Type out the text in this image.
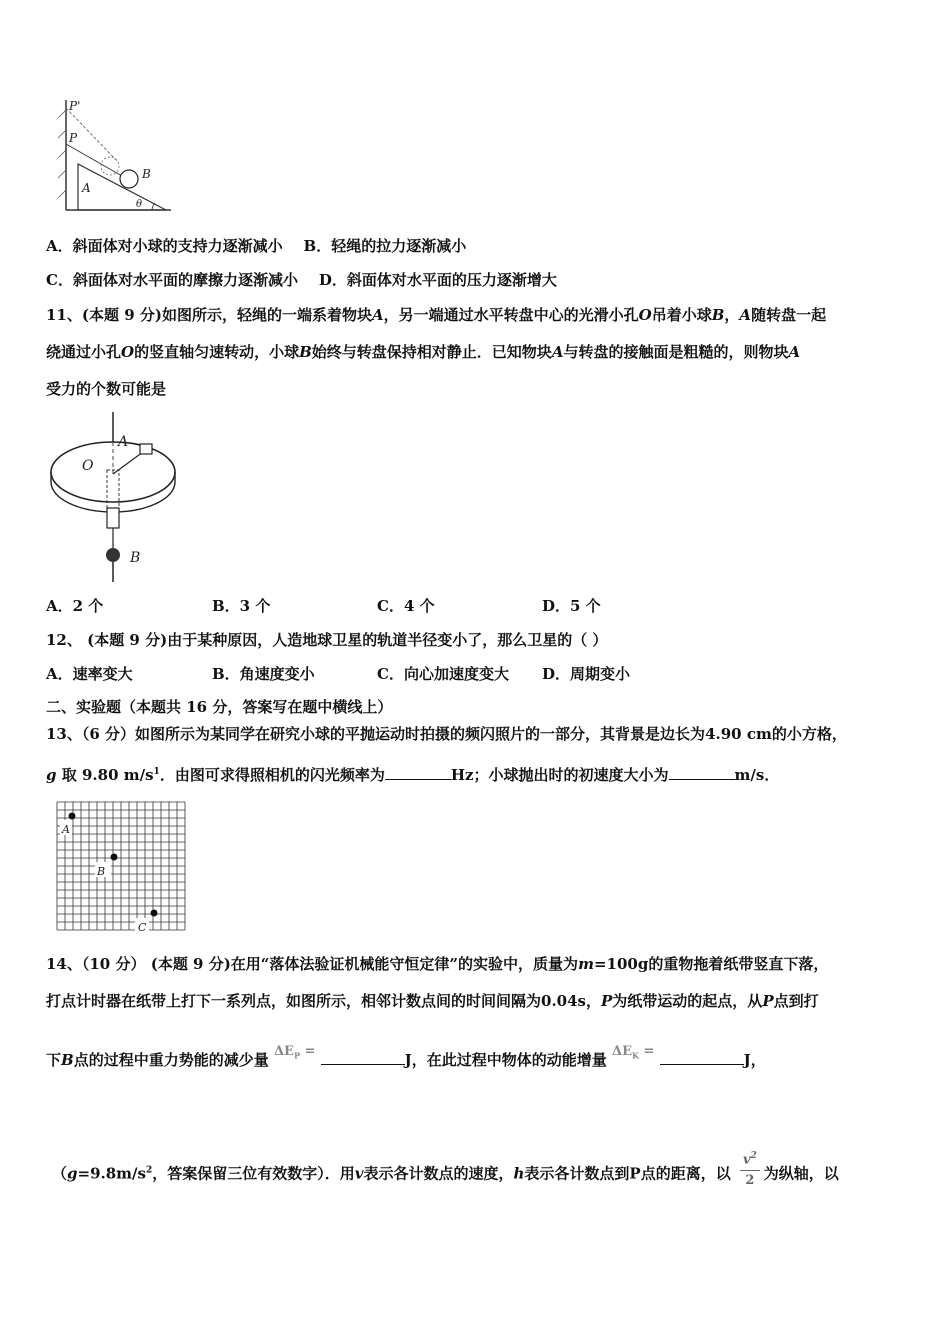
P'
P
A
B
θ
A．斜面体对小球的支持力逐渐减小 B．轻绳的拉力逐渐减小
C．斜面体对水平面的摩擦力逐渐减小 D．斜面体对水平面的压力逐渐增大
11、(本题 9 分)如图所示，轻绳的一端系着物块A，另一端通过水平转盘中心的光滑小孔O吊着小球B，A随转盘一起
绕通过小孔O的竖直轴匀速转动，小球B始终与转盘保持相对静止．已知物块A与转盘的接触面是粗糙的，则物块A
受力的个数可能是
A
O
B
A．2 个	B．3 个	C．4 个	D．5 个
12、 (本题 9 分)由于某种原因，人造地球卫星的轨道半径变小了，那么卫星的（ ）
A．速率变大	B．角速度变小	C．向心加速度变大 D．周期变小
二、实验题（本题共 16 分，答案写在题中横线上）
13、（6 分）如图所示为某同学在研究小球的平抛运动时拍摄的频闪照片的一部分，其背景是边长为4.90 cm的小方格，
g 取 9.80 $m/s^1$．由图可求得照相机的闪光频率为	Hz；小球抛出时的初速度大小为	m/s．
A
B
C
14、（10 分） (本题 9 分)在用“落体法验证机械能守恒定律”的实验中，质量为m=100g的重物拖着纸带竖直下落，
打点计时器在纸带上打下一系列点，如图所示，相邻计数点间的时间间隔为0.04s，P为纸带运动的起点，从P点到打
下B点的过程中重力势能的减少量 $\Delta E_P$ =	J，在此过程中物体的动能增量 $\Delta E_K$ =	J，
（$g=9.8m/s^2$，答案保留三位有效数字）．用v表示各计数点的速度，h表示各计数点到P点的距离，以 $\frac{v^2}{2}$ 为纵轴，以
